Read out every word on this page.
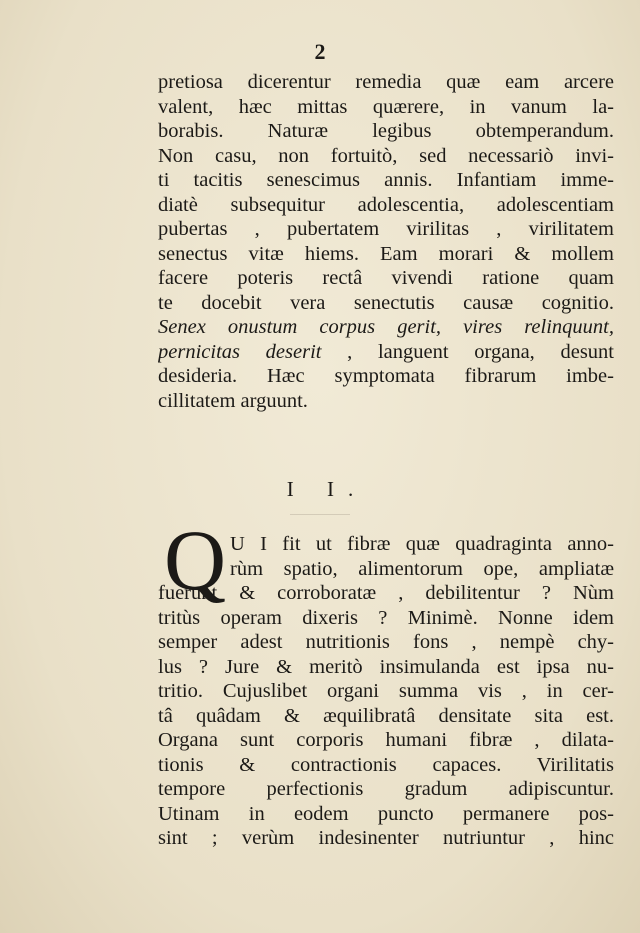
2
pretiosa dicerentur remedia quæ eam arcere
valent, hæc mittas quærere, in vanum la-
borabis. Naturæ legibus obtemperandum.
Non casu, non fortuitò, sed necessariò invi-
ti tacitis senescimus annis. Infantiam imme-
diatè subsequitur adolescentia, adolescentiam
pubertas , pubertatem virilitas , virilitatem
senectus vitæ hiems. Eam morari & mollem
facere poteris rectâ vivendi ratione quam
te docebit vera senectutis causæ cognitio.
Senex onustum corpus gerit, vires relinquunt,
pernicitas deserit , languent organa, desunt
desideria. Hæc symptomata fibrarum imbe-
cillitatem arguunt.
I I.
Q U I fit ut fibræ quæ quadraginta anno-
rùm spatio, alimentorum ope, ampliatæ
fuerunt & corroboratæ , debilitentur ? Nùm
tritùs operam dixeris ? Minimè. Nonne idem
semper adest nutritionis fons , nempè chy-
lus ? Jure & meritò insimulanda est ipsa nu-
tritio. Cujuslibet organi summa vis , in cer-
tâ quâdam & æquilibratâ densitate sita est.
Organa sunt corporis humani fibræ , dilata-
tionis & contractionis capaces. Virilitatis
tempore perfectionis gradum adipiscuntur.
Utinam in eodem puncto permanere pos-
sint ; verùm indesinenter nutriuntur , hinc
